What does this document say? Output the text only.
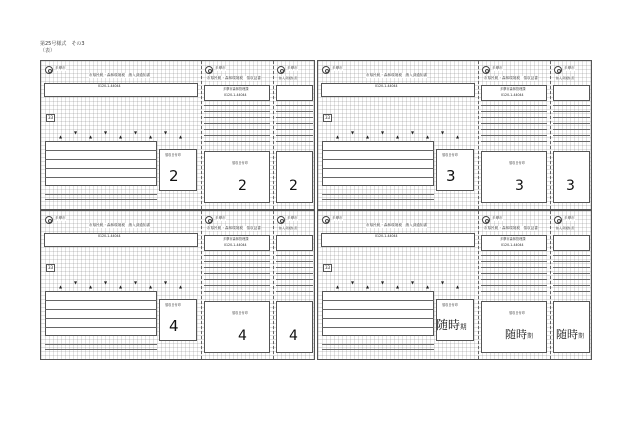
第25号様式　その3
（表）
多摩市
市県民税・森林環境税　納入済通知書
多摩市
市県民税・森林環境税　領収証書
多摩市
納入済通知書
0120-1-44044
0120-1-44044
多摩市森林管理課
33
▲
▼
▲
▼
▲
▼
▲
▼
▲
領収日付印
領収日付印
2
2	2
多摩市
市県民税・森林環境税　納入済通知書
多摩市
市県民税・森林環境税　領収証書
多摩市
納入済通知書
0120-1-44044
0120-1-44044
多摩市森林管理課
33
▲
▼
▲
▼
▲
▼
▲
▼
▲
領収日付印
領収日付印
3
3	3
多摩市
市県民税・森林環境税　納入済通知書
多摩市
市県民税・森林環境税　領収証書
多摩市
納入済通知書
0120-1-44044
0120-1-44044
多摩市森林管理課
33
▲
▼
▲
▼
▲
▼
▲
▼
▲
領収日付印
領収日付印
4
4	4
多摩市
市県民税・森林環境税　納入済通知書
多摩市
市県民税・森林環境税　領収証書
多摩市
納入済通知書
0120-1-44044
0120-1-44044
多摩市森林管理課
33
▲
▼
▲
▼
▲
▼
▲
▼
▲
領収日付印
領収日付印
随時期
随時期 随時期
